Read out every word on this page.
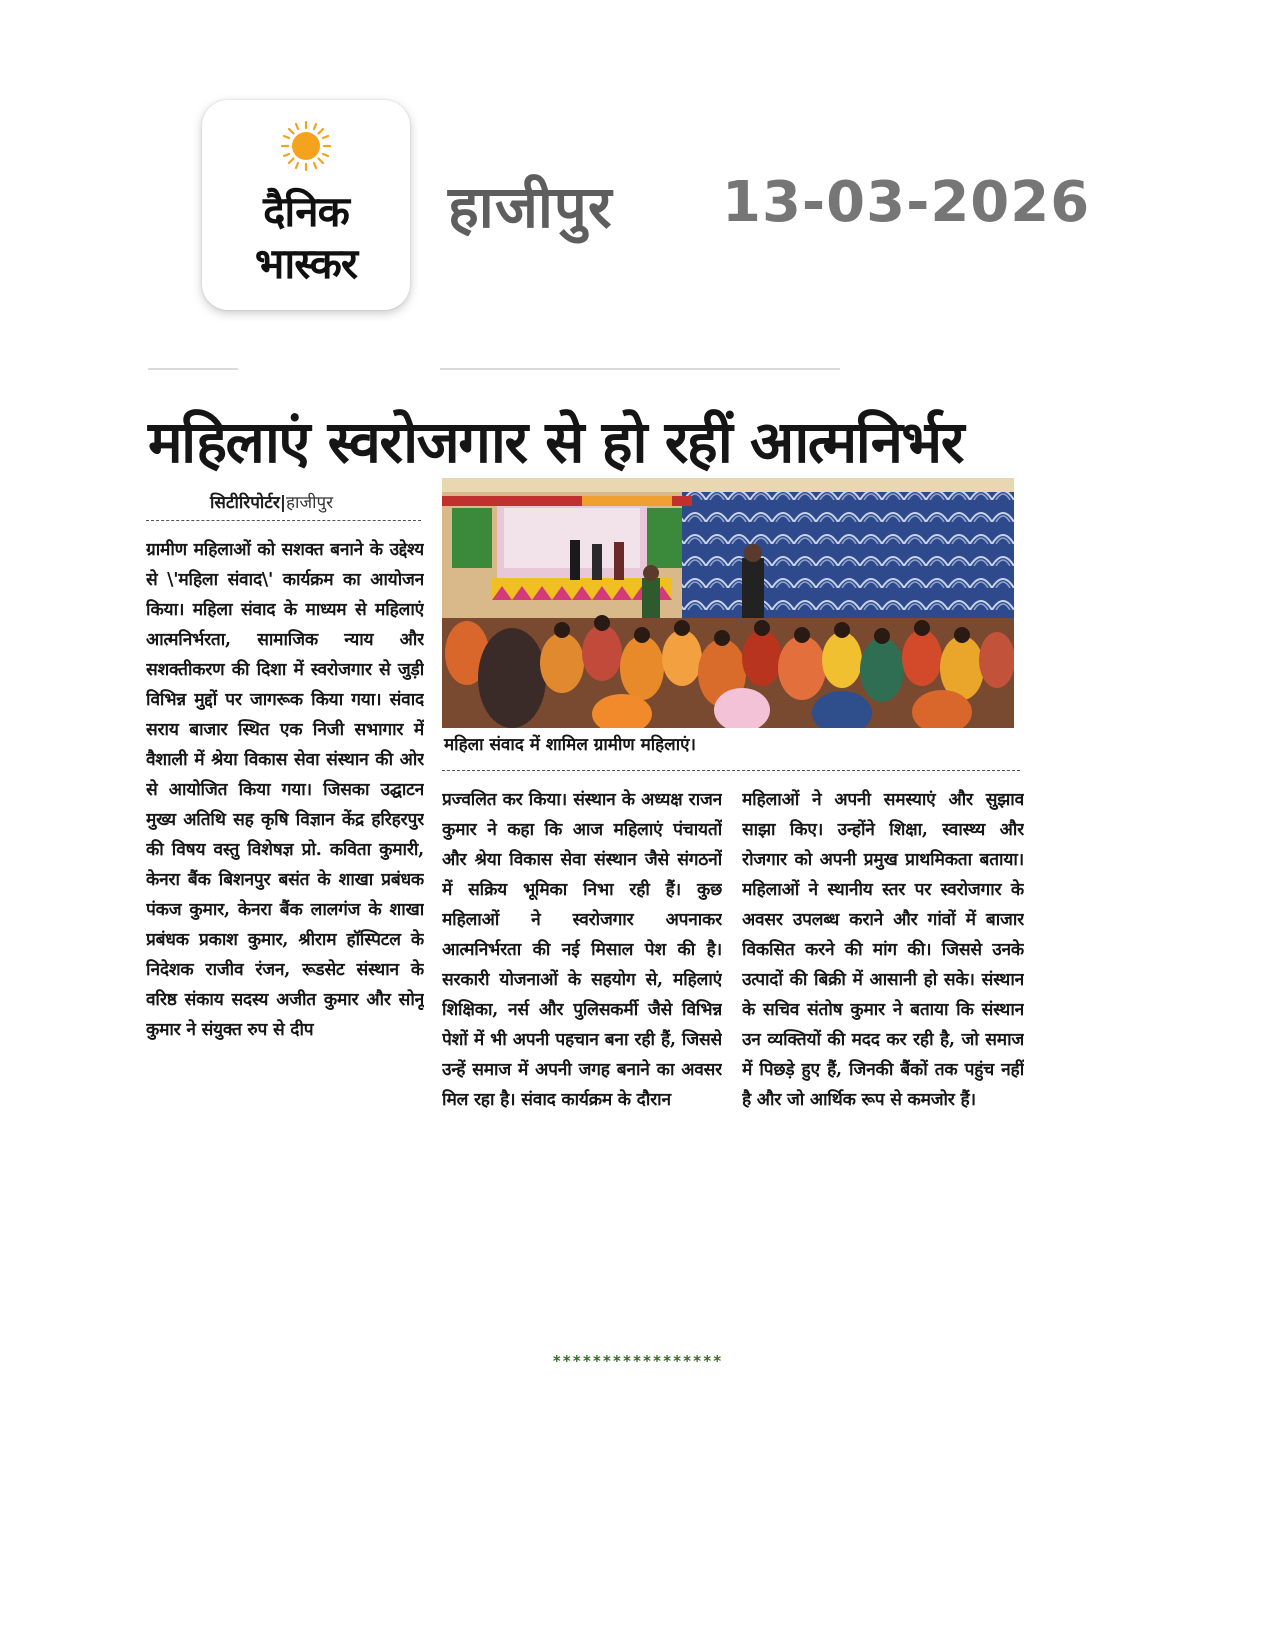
दैनिक
भास्कर
हाजीपुर 13-03-2026
महिलाएं स्वरोजगार से हो रहीं आत्मनिर्भर
सिटीरिपोर्टर|हाजीपुर
ग्रामीण महिलाओं को सशक्त बनाने के उद्देश्य से \'महिला संवाद\' कार्यक्रम का आयोजन किया। महिला संवाद के माध्यम से महिलाएं आत्मनिर्भरता, सामाजिक न्याय और सशक्तीकरण की दिशा में स्वरोजगार से जुड़ी विभिन्न मुद्दों पर जागरूक किया गया। संवाद सराय बाजार स्थित एक निजी सभागार में वैशाली में श्रेया विकास सेवा संस्थान की ओर से आयोजित किया गया। जिसका उद्घाटन मुख्य अतिथि सह कृषि विज्ञान केंद्र हरिहरपुर की विषय वस्तु विशेषज्ञ प्रो. कविता कुमारी, केनरा बैंक बिशनपुर बसंत के शाखा प्रबंधक पंकज कुमार, केनरा बैंक लालगंज के शाखा प्रबंधक प्रकाश कुमार, श्रीराम हॉस्पिटल के निदेशक राजीव रंजन, रूडसेट संस्थान के वरिष्ठ संकाय सदस्य अजीत कुमार और सोनू कुमार ने संयुक्त रुप से दीप
महिला संवाद में शामिल ग्रामीण महिलाएं।
प्रज्वलित कर किया। संस्थान के अध्यक्ष राजन कुमार ने कहा कि आज महिलाएं पंचायतों और श्रेया विकास सेवा संस्थान जैसे संगठनों में सक्रिय भूमिका निभा रही हैं। कुछ महिलाओं ने स्वरोजगार अपनाकर आत्मनिर्भरता की नई मिसाल पेश की है। सरकारी योजनाओं के सहयोग से, महिलाएं शिक्षिका, नर्स और पुलिसकर्मी जैसे विभिन्न पेशों में भी अपनी पहचान बना रही हैं, जिससे उन्हें समाज में अपनी जगह बनाने का अवसर मिल रहा है। संवाद कार्यक्रम के दौरान
महिलाओं ने अपनी समस्याएं और सुझाव साझा किए। उन्होंने शिक्षा, स्वास्थ्य और रोजगार को अपनी प्रमुख प्राथमिकता बताया। महिलाओं ने स्थानीय स्तर पर स्वरोजगार के अवसर उपलब्ध कराने और गांवों में बाजार विकसित करने की मांग की। जिससे उनके उत्पादों की बिक्री में आसानी हो सके। संस्थान के सचिव संतोष कुमार ने बताया कि संस्थान उन व्यक्तियों की मदद कर रही है, जो समाज में पिछड़े हुए हैं, जिनकी बैंकों तक पहुंच नहीं है और जो आर्थिक रूप से कमजोर हैं।
*****************
